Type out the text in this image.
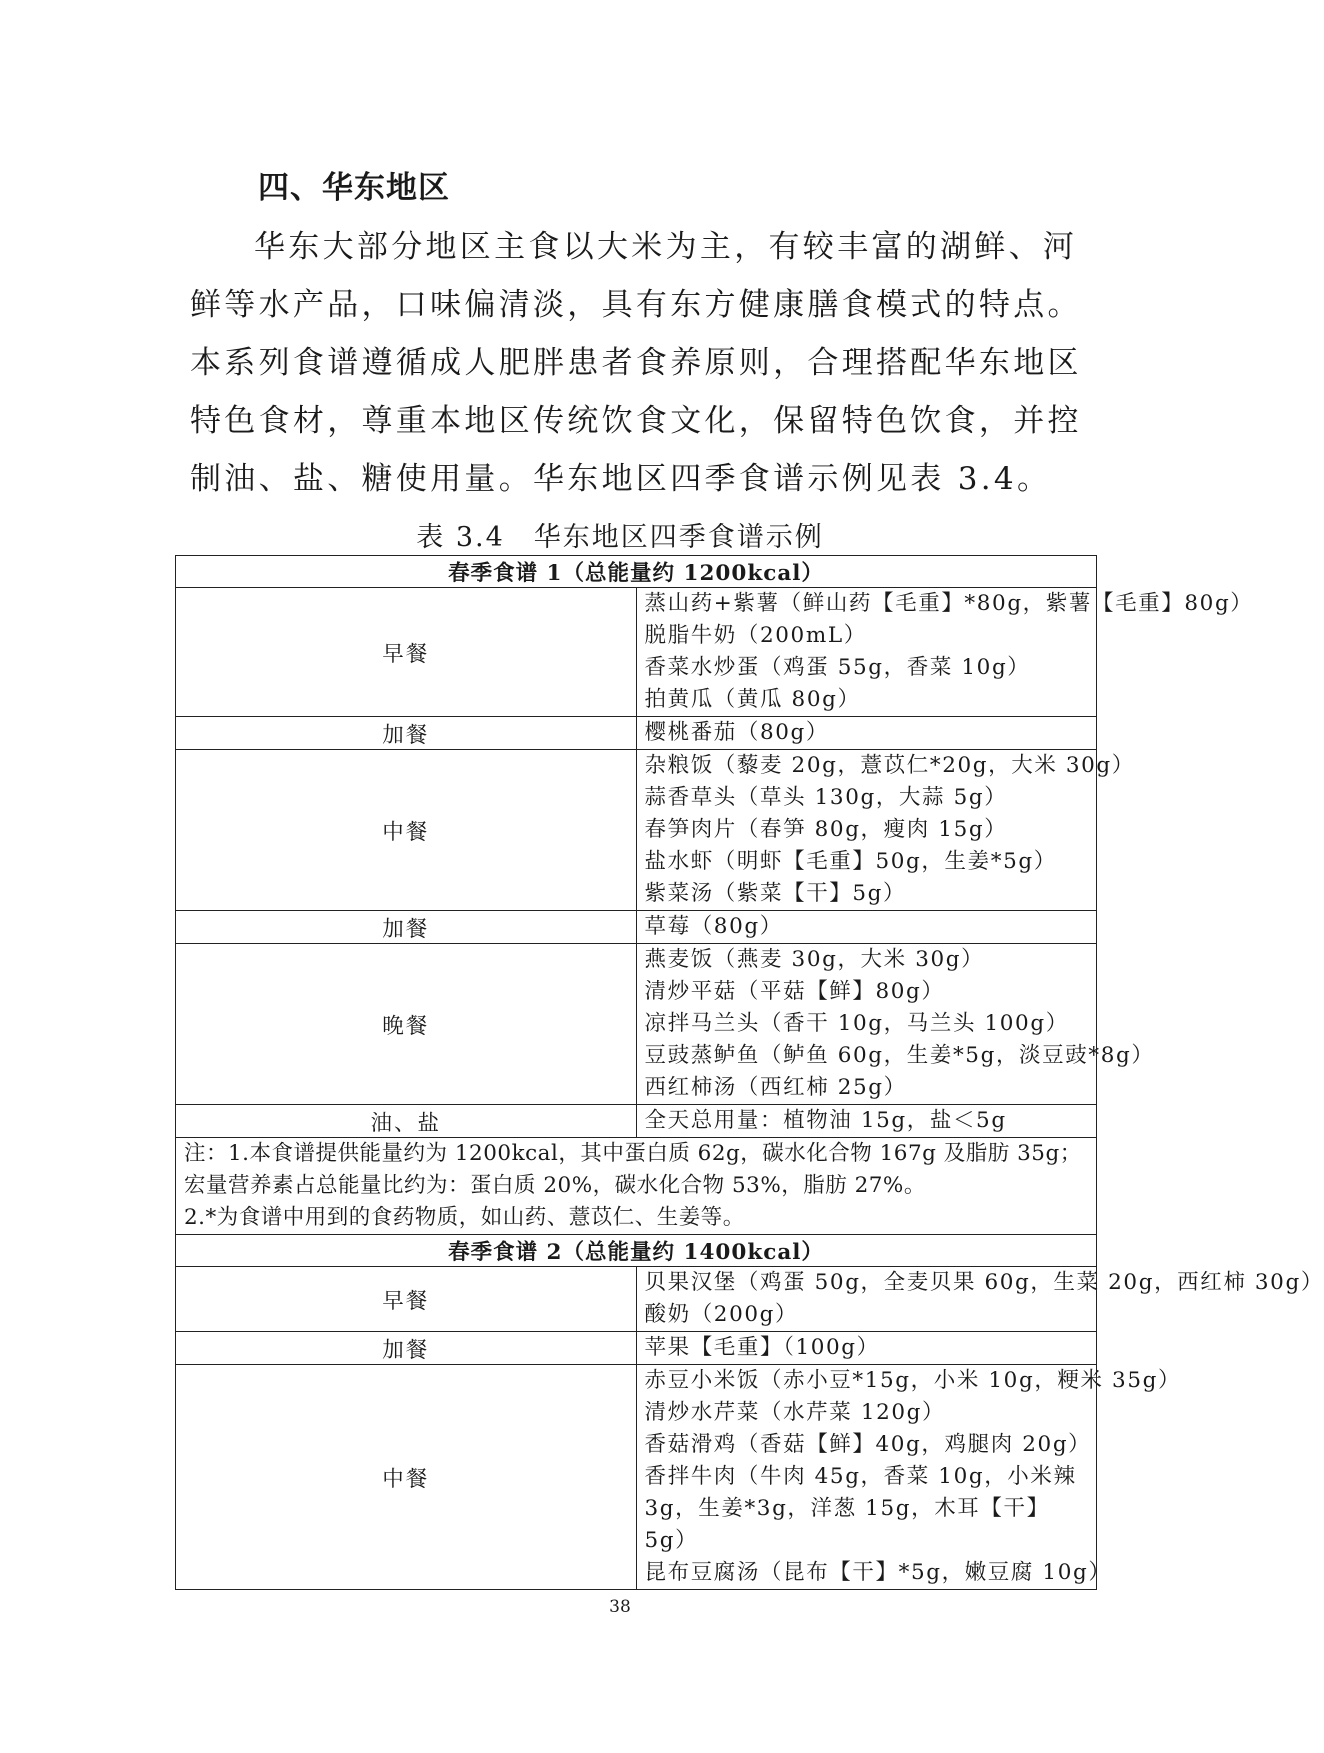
四、华东地区

华东大部分地区主食以大米为主，有较丰富的湖鲜、河鲜等水产品，口味偏清淡，具有东方健康膳食模式的特点。本系列食谱遵循成人肥胖患者食养原则，合理搭配华东地区特色食材，尊重本地区传统饮食文化，保留特色饮食，并控制油、盐、糖使用量。华东地区四季食谱示例见表 3.4。

表 3.4　华东地区四季食谱示例
春季食谱 1（总能量约 1200kcal）	
早餐	蒸山药+紫薯（鲜山药【毛重】*80g，紫薯【毛重】80g）
脱脂牛奶（200mL）
香菜水炒蛋（鸡蛋 55g，香菜 10g）
拍黄瓜（黄瓜 80g）

加餐	樱桃番茄（80g）

中餐	杂粮饭（藜麦 20g，薏苡仁*20g，大米 30g）
蒜香草头（草头 130g，大蒜 5g）
春笋肉片（春笋 80g，瘦肉 15g）
盐水虾（明虾【毛重】50g，生姜*5g）
紫菜汤（紫菜【干】5g）

加餐	草莓（80g）

晚餐	燕麦饭（燕麦 30g，大米 30g）
清炒平菇（平菇【鲜】80g）
凉拌马兰头（香干 10g，马兰头 100g）
豆豉蒸鲈鱼（鲈鱼 60g，生姜*5g，淡豆豉*8g）
西红柿汤（西红柿 25g）

油、盐	全天总用量：植物油 15g，盐＜5g

注：1.本食谱提供能量约为 1200kcal，其中蛋白质 62g，碳水化合物 167g 及脂肪 35g；宏量营养素占总能量比约为：蛋白质 20%，碳水化合物 53%，脂肪 27%。
2.*为食谱中用到的食药物质，如山药、薏苡仁、生姜等。	

春季食谱 2（总能量约 1400kcal）	
早餐	贝果汉堡（鸡蛋 50g，全麦贝果 60g，生菜 20g，西红柿 30g）
酸奶（200g）

加餐	苹果【毛重】（100g）

中餐	赤豆小米饭（赤小豆*15g，小米 10g，粳米 35g）
清炒水芹菜（水芹菜 120g）
香菇滑鸡（香菇【鲜】40g，鸡腿肉 20g）
香拌牛肉（牛肉 45g，香菜 10g，小米辣 3g，生姜*3g，洋葱 15g，木耳【干】5g）
昆布豆腐汤（昆布【干】*5g，嫩豆腐 10g）
38
